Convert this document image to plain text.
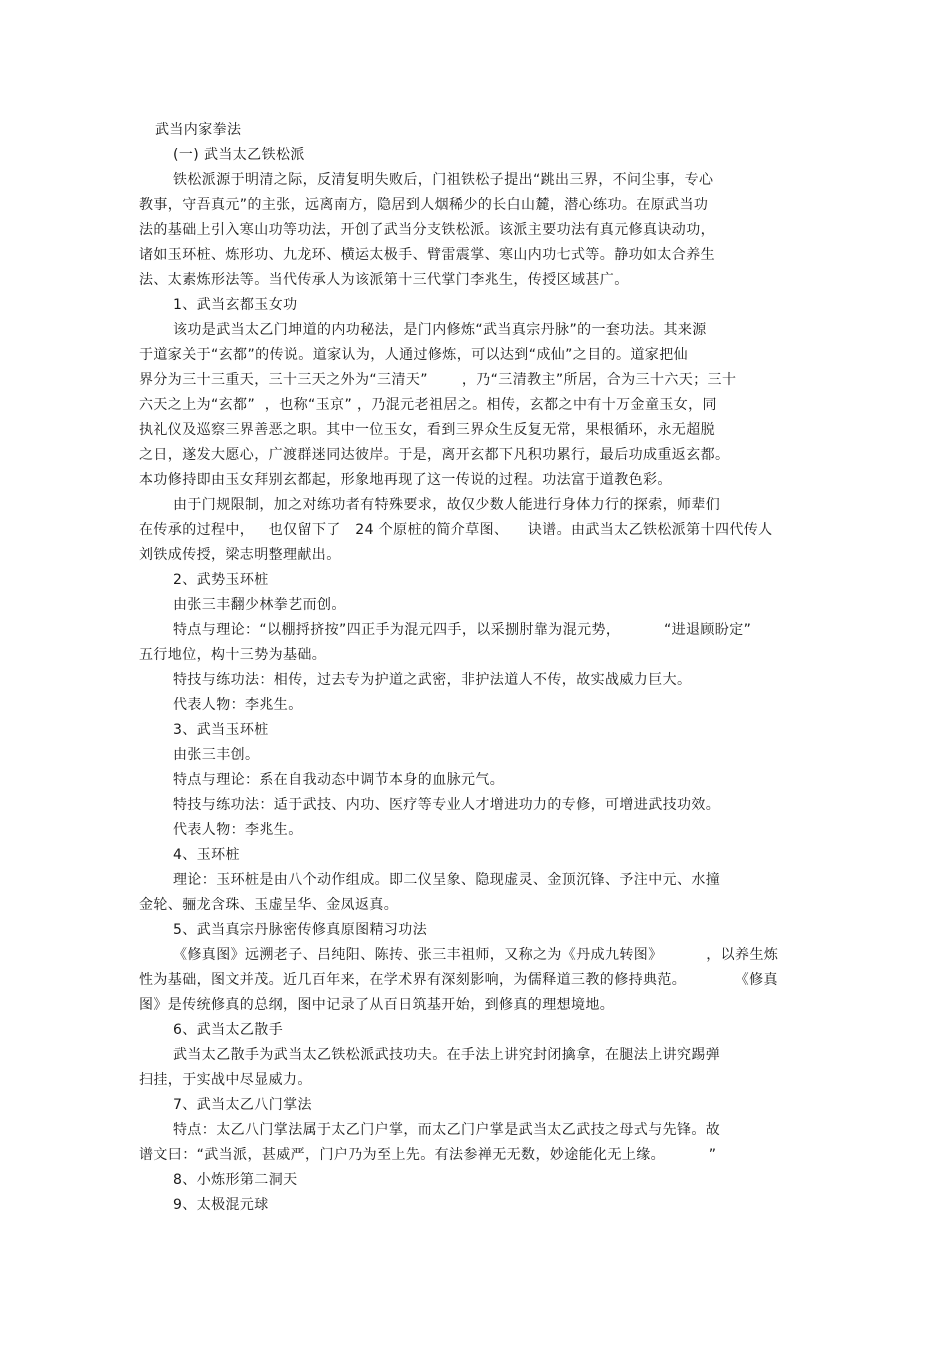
武当内家拳法
(一) 武当太乙铁松派
铁松派源于明清之际，反清复明失败后，门祖铁松子提出“跳出三界，不问尘事，专心
教事，守吾真元”的主张，远离南方，隐居到人烟稀少的长白山麓，潜心练功。在原武当功
法的基础上引入寒山功等功法，开创了武当分支铁松派。该派主要功法有真元修真诀动功，
诸如玉环桩、炼形功、九龙环、横运太极手、臂雷震掌、寒山内功七式等。静功如太合养生
法、太素炼形法等。当代传承人为该派第十三代掌门李兆生，传授区域甚广。
1、武当玄都玉女功
该功是武当太乙门坤道的内功秘法，是门内修炼“武当真宗丹脉”的一套功法。其来源
于道家关于“玄都”的传说。道家认为，人通过修炼，可以达到“成仙”之目的。道家把仙
界分为三十三重天，三十三天之外为“三清天”       ，乃“三清教主”所居，合为三十六天；三十
六天之上为“玄都”  ，也称“玉京” ，乃混元老祖居之。相传，玄都之中有十万金童玉女，同
执礼仪及巡察三界善恶之职。其中一位玉女，看到三界众生反复无常，果根循环，永无超脱
之日，遂发大愿心，广渡群迷同达彼岸。于是，离开玄都下凡积功累行，最后功成重返玄都。
本功修持即由玉女拜别玄都起，形象地再现了这一传说的过程。功法富于道教色彩。
由于门规限制，加之对练功者有特殊要求，故仅少数人能进行身体力行的探索，师辈们
在传承的过程中，   也仅留下了   24 个原桩的简介草图、    诀谱。由武当太乙铁松派第十四代传人
刘铁成传授，梁志明整理献出。
2、武势玉环桩
由张三丰翻少林拳艺而创。
特点与理论：“以棚捋挤按”四正手为混元四手，以采捌肘靠为混元势，         “进退顾盼定”
五行地位，构十三势为基础。
特技与练功法：相传，过去专为护道之武密，非护法道人不传，故实战威力巨大。
代表人物：李兆生。
3、武当玉环桩
由张三丰创。
特点与理论：系在自我动态中调节本身的血脉元气。
特技与练功法：适于武技、内功、医疗等专业人才增进功力的专修，可增进武技功效。
代表人物：李兆生。
4、玉环桩
理论：玉环桩是由八个动作组成。即二仪呈象、隐现虚灵、金顶沉锋、予注中元、水撞
金轮、骊龙含珠、玉虚呈华、金凤返真。
5、武当真宗丹脉密传修真原图精习功法
《修真图》远溯老子、吕纯阳、陈抟、张三丰祖师，又称之为《丹成九转图》         ，以养生炼
性为基础，图文并茂。近几百年来，在学术界有深刻影响，为儒释道三教的修持典范。          《修真
图》是传统修真的总纲，图中记录了从百日筑基开始，到修真的理想境地。
6、武当太乙散手
武当太乙散手为武当太乙铁松派武技功夫。在手法上讲究封闭擒拿，在腿法上讲究踢弹
扫挂，于实战中尽显威力。
7、武当太乙八门掌法
特点：太乙八门掌法属于太乙门户掌，而太乙门户掌是武当太乙武技之母式与先锋。故
谱文曰：“武当派，甚威严，门户乃为至上先。有法参禅无无数，妙途能化无上缘。         ”
8、小炼形第二洞天
9、太极混元球
